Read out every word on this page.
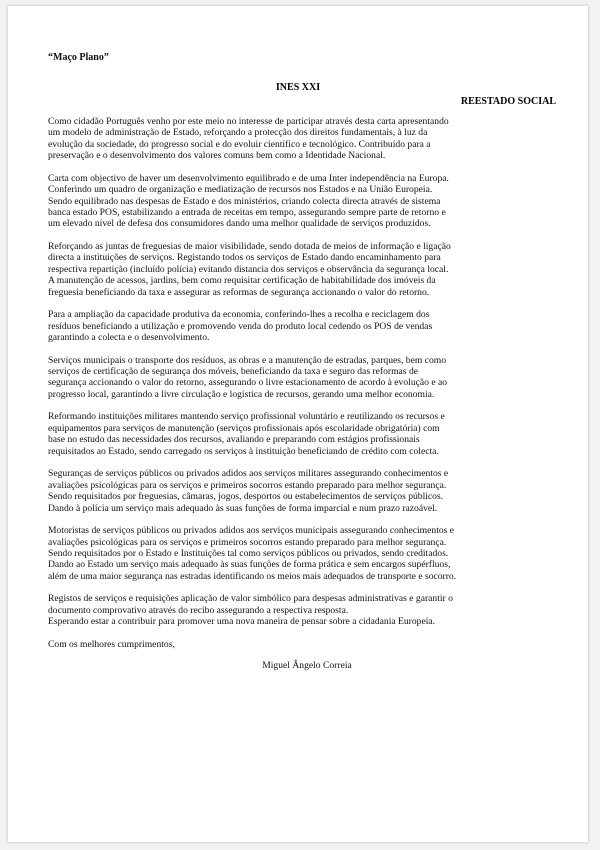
“Maço Plano”
INES XXI
REESTADO SOCIAL
Como cidadão Português venho por este meio no interesse de participar através desta carta apresentando
um modelo de administração de Estado, reforçando a protecção dos direitos fundamentais, à luz da
evolução da sociedade, do progresso social e do evoluir científico e tecnológico. Contribuído para a
preservação e o desenvolvimento dos valores comuns bem como a Identidade Nacional.
Carta com objectivo de haver um desenvolvimento equilibrado e de uma Inter independência na Europa.
Conferindo um quadro de organização e mediatização de recursos nos Estados e na União Europeia.
Sendo equilibrado nas despesas de Estado e dos ministérios, criando colecta directa através de sistema
banca estado POS, estabilizando a entrada de receitas em tempo, assegurando sempre parte de retorno e
um elevado nível de defesa dos consumidores dando uma melhor qualidade de serviços produzidos.
Reforçando as juntas de freguesias de maior visibilidade, sendo dotada de meios de informação e ligação
directa a instituições de serviços. Registando todos os serviços de Estado dando encaminhamento para
respectiva repartição (incluído polícia) evitando distancia dos serviços e observância da segurança local.
A manutenção de acessos, jardins, bem como requisitar certificação de habitabilidade dos imóveis da
freguesia beneficiando da taxa e assegurar as reformas de segurança accionando o valor do retorno.
Para a ampliação da capacidade produtiva da economia, conferindo-lhes a recolha e reciclagem dos
resíduos beneficiando a utilização e promovendo venda do produto local cedendo os POS de vendas
garantindo a colecta e o desenvolvimento.
Serviços municipais o transporte dos resíduos, as obras e a manutenção de estradas, parques, bem como
serviços de certificação de segurança dos móveis, beneficiando da taxa e seguro das reformas de
segurança accionando o valor do retorno, assegurando o livre estacionamento de acordo à evolução e ao
progresso local, garantindo a livre circulação e logística de recursos, gerando uma melhor economia.
Reformando instituições militares mantendo serviço profissional voluntário e reutilizando os recursos e
equipamentos para serviços de manutenção (serviços profissionais após escolaridade obrigatória) com
base no estudo das necessidades dos recursos, avaliando e preparando com estágios profissionais
requisitados ao Estado, sendo carregado os serviços à instituição beneficiando de crédito com colecta.
Seguranças de serviços públicos ou privados adidos aos serviços militares assegurando conhecimentos e
avaliações psicológicas para os serviços e primeiros socorros estando preparado para melhor segurança.
Sendo requisitados por freguesias, câmaras, jogos, desportos ou estabelecimentos de serviços públicos.
Dando à polícia um serviço mais adequado às suas funções de forma imparcial e num prazo razoável.
Motoristas de serviços públicos ou privados adidos aos serviços municipais assegurando conhecimentos e
avaliações psicológicas para os serviços e primeiros socorros estando preparado para melhor segurança.
Sendo requisitados por o Estado e Instituições tal como serviços públicos ou privados, sendo creditados.
Dando ao Estado um serviço mais adequado às suas funções de forma prática e sem encargos supérfluos,
além de uma maior segurança nas estradas identificando os meios mais adequados de transporte e socorro.
Registos de serviços e requisições aplicação de valor simbólico para despesas administrativas e garantir o
documento comprovativo através do recibo assegurando a respectiva resposta.
Esperando estar a contribuir para promover uma nova maneira de pensar sobre a cidadania Europeia.
Com os melhores cumprimentos,
Miguel Ângelo Correia
